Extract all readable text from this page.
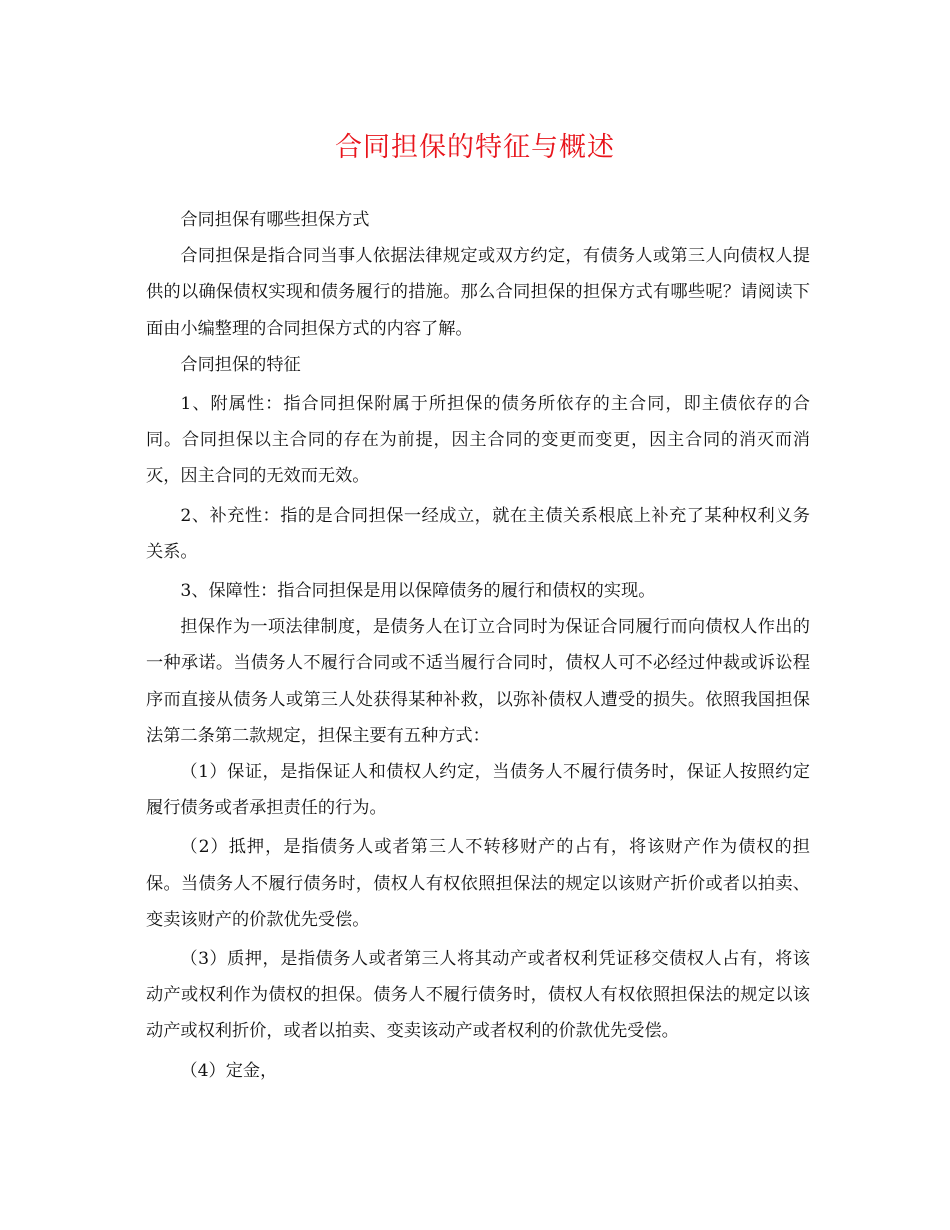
合同担保的特征与概述

合同担保有哪些担保方式

合同担保是指合同当事人依据法律规定或双方约定，有债务人或第三人向债权人提供的以确保债权实现和债务履行的措施。那么合同担保的担保方式有哪些呢？请阅读下面由小编整理的合同担保方式的内容了解。

合同担保的特征

1、附属性：指合同担保附属于所担保的债务所依存的主合同，即主债依存的合同。合同担保以主合同的存在为前提，因主合同的变更而变更，因主合同的消灭而消灭，因主合同的无效而无效。

2、补充性：指的是合同担保一经成立，就在主债关系根底上补充了某种权利义务关系。

3、保障性：指合同担保是用以保障债务的履行和债权的实现。

担保作为一项法律制度，是债务人在订立合同时为保证合同履行而向债权人作出的一种承诺。当债务人不履行合同或不适当履行合同时，债权人可不必经过仲裁或诉讼程序而直接从债务人或第三人处获得某种补救，以弥补债权人遭受的损失。依照我国担保法第二条第二款规定，担保主要有五种方式：

（1）保证，是指保证人和债权人约定，当债务人不履行债务时，保证人按照约定履行债务或者承担责任的行为。

（2）抵押，是指债务人或者第三人不转移财产的占有，将该财产作为债权的担保。当债务人不履行债务时，债权人有权依照担保法的规定以该财产折价或者以拍卖、变卖该财产的价款优先受偿。

（3）质押，是指债务人或者第三人将其动产或者权利凭证移交债权人占有，将该动产或权利作为债权的担保。债务人不履行债务时，债权人有权依照担保法的规定以该动产或权利折价，或者以拍卖、变卖该动产或者权利的价款优先受偿。

（4）定金，
